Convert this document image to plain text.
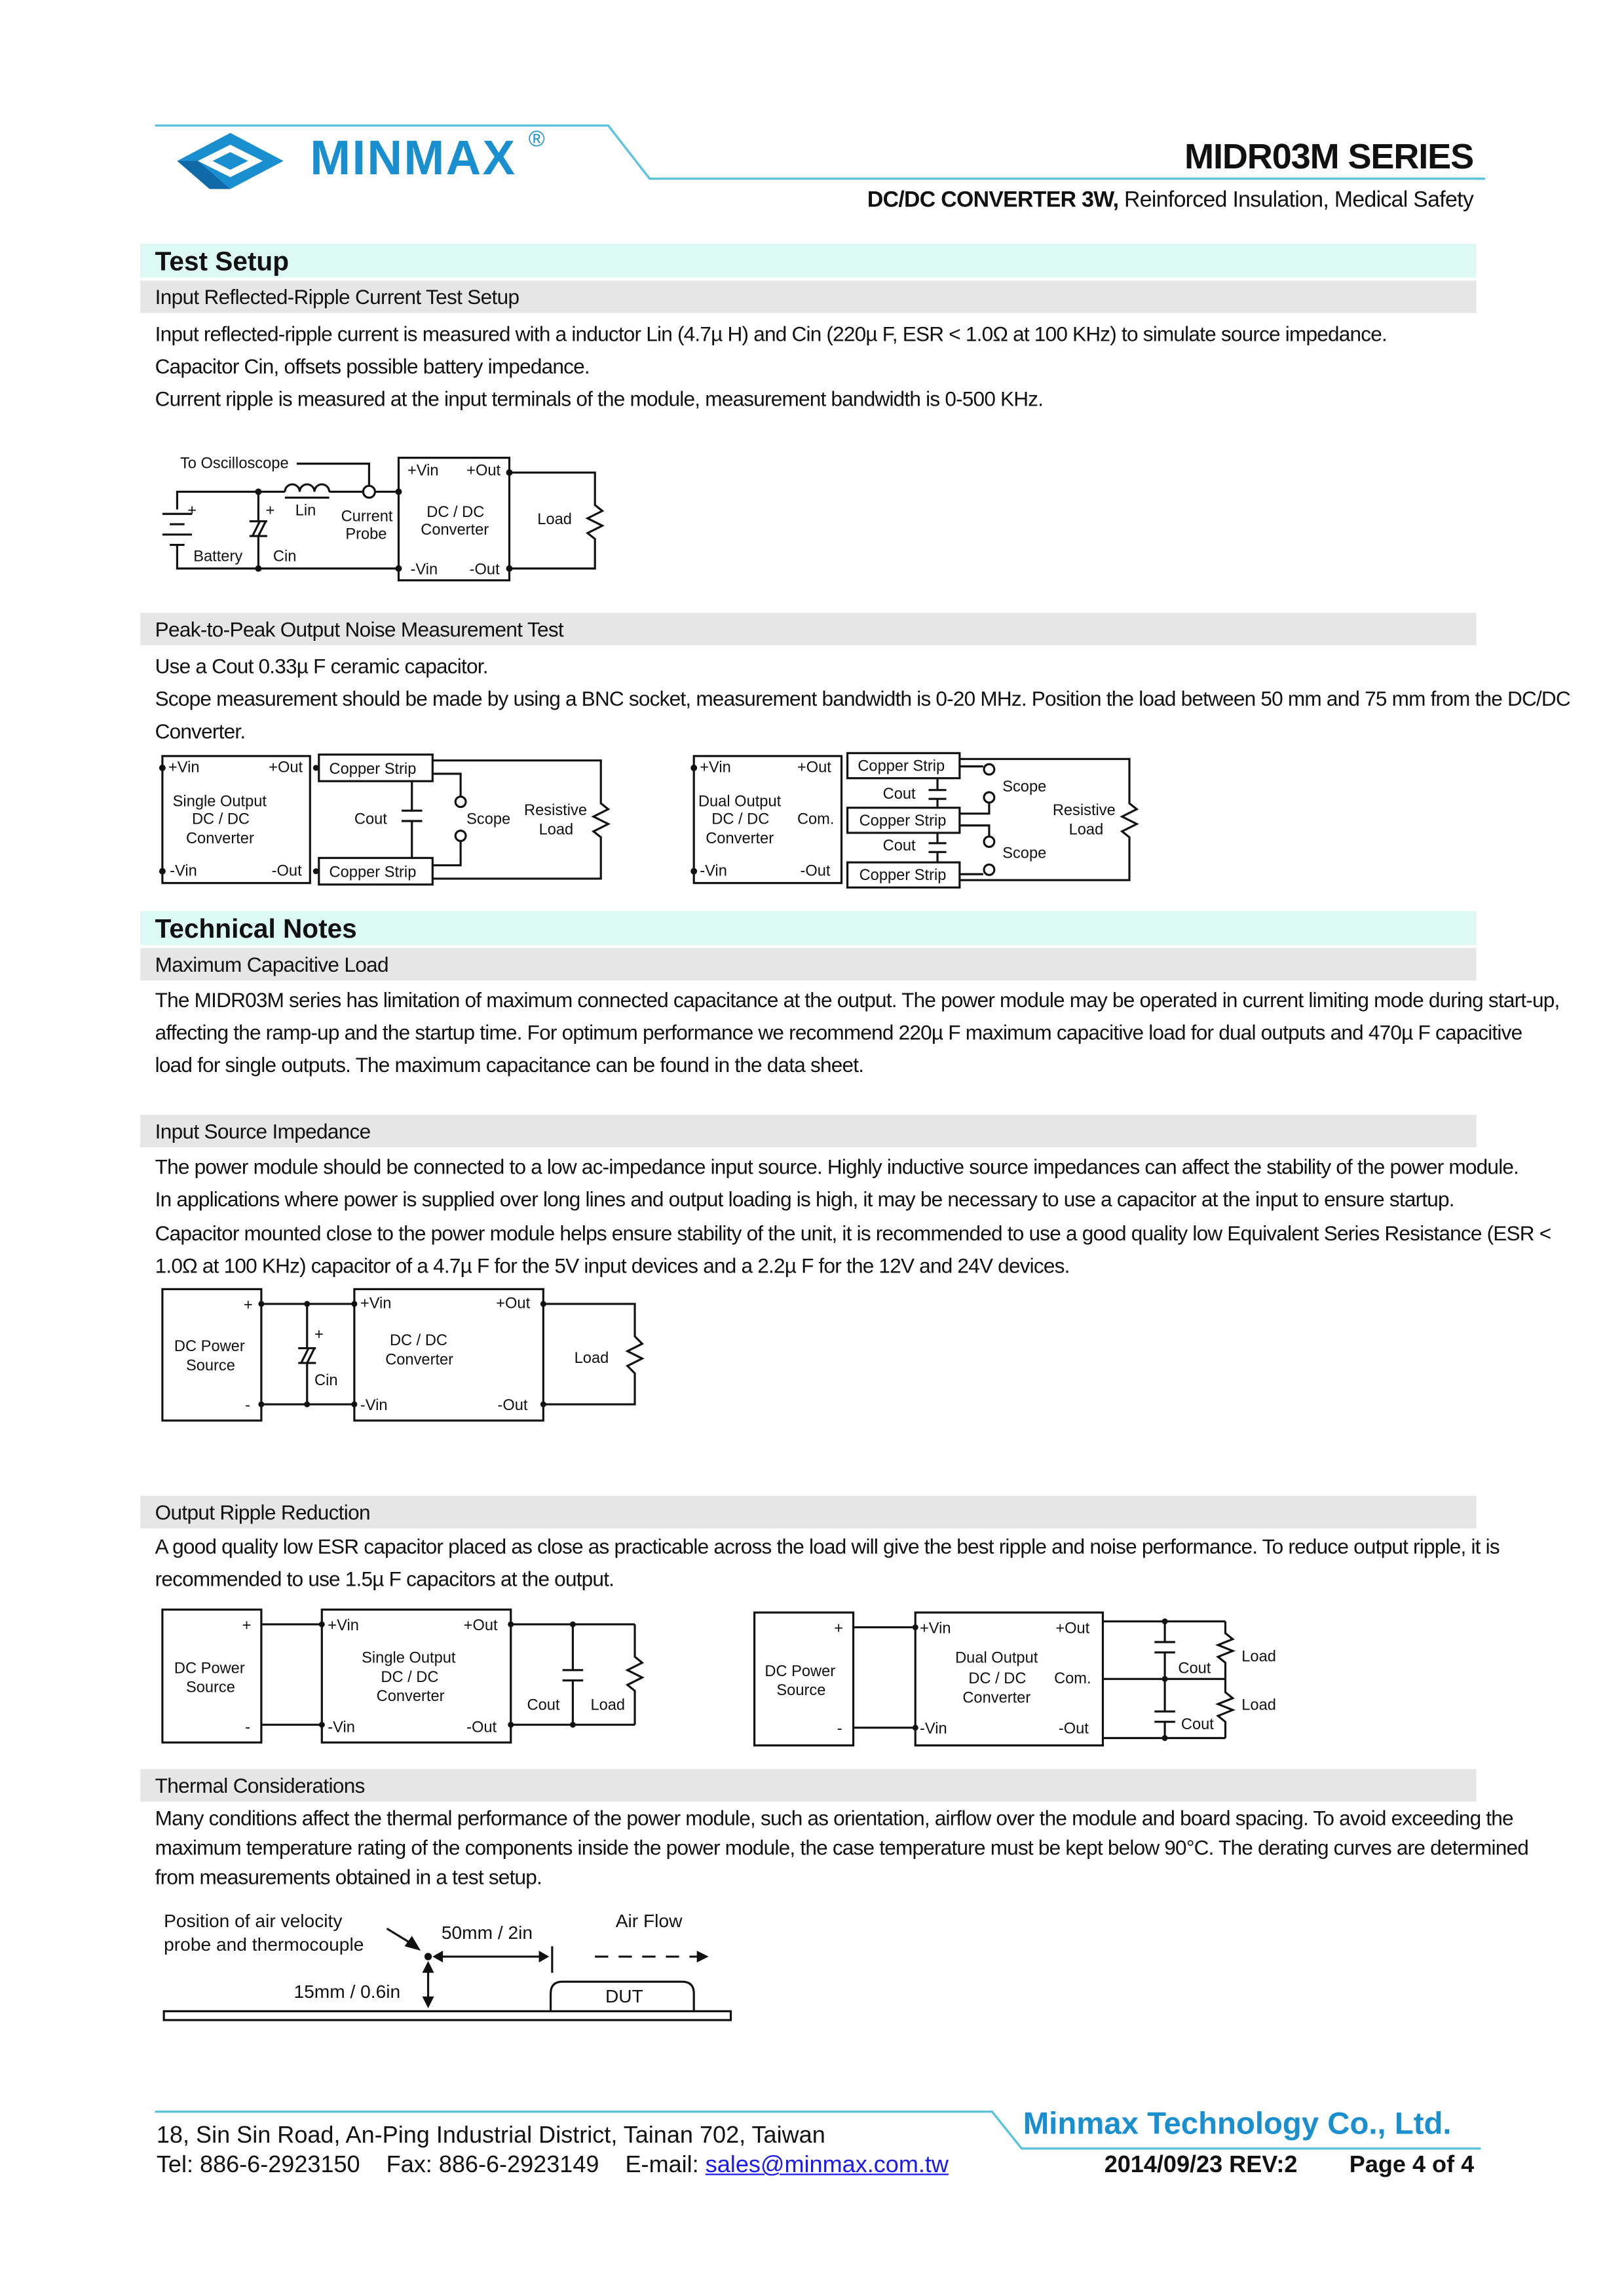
MINMAX ®	MIDR03M SERIES
DC/DC CONVERTER 3W, Reinforced Insulation, Medical Safety
Test Setup
Input Reflected-Ripple Current Test Setup
Input reflected-ripple current is measured with a inductor Lin (4.7µ H) and Cin (220µ F, ESR < 1.0Ω at 100 KHz) to simulate source impedance.
Capacitor Cin, offsets possible battery impedance.
Current ripple is measured at the input terminals of the module, measurement bandwidth is 0-500 KHz.
To Oscilloscope
+	+
Battery	Cin
Lin	Current
Probe
+Vin	+Out
DC / DC
Converter
-Vin	-Out
Load
Peak-to-Peak Output Noise Measurement Test
Use a Cout 0.33µ F ceramic capacitor.
Scope measurement should be made by using a BNC socket, measurement bandwidth is 0-20 MHz. Position the load between 50 mm and 75 mm from the DC/DC
Converter.
+Vin	+Out
Single Output
DC / DC
Converter
-Vin	-Out
Copper Strip
Copper Strip
Cout	Scope
Resistive
Load
+Vin	+Out
Dual Output
DC / DC
Converter
Com.
-Vin	-Out
Copper Strip
Copper Strip
Copper Strip
Cout
Cout
Scope
Scope
Resistive
Load
Technical Notes
Maximum Capacitive Load
The MIDR03M series has limitation of maximum connected capacitance at the output. The power module may be operated in current limiting mode during start-up,
affecting the ramp-up and the startup time. For optimum performance we recommend 220µ F maximum capacitive load for dual outputs and 470µ F capacitive
load for single outputs. The maximum capacitance can be found in the data sheet.
Input Source Impedance
The power module should be connected to a low ac-impedance input source. Highly inductive source impedances can affect the stability of the power module.
In applications where power is supplied over long lines and output loading is high, it may be necessary to use a capacitor at the input to ensure startup.
Capacitor mounted close to the power module helps ensure stability of the unit, it is recommended to use a good quality low Equivalent Series Resistance (ESR <
1.0Ω at 100 KHz) capacitor of a 4.7µ F for the 5V input devices and a 2.2µ F for the 12V and 24V devices.
+
DC Power
Source
-
+
Cin
+Vin	+Out
DC / DC
Converter
-Vin	-Out
Load
Output Ripple Reduction
A good quality low ESR capacitor placed as close as practicable across the load will give the best ripple and noise performance. To reduce output ripple, it is
recommended to use 1.5µ F capacitors at the output.
+
DC Power
Source
-
+Vin	+Out
Single Output
DC / DC
Converter
-Vin	-Out
Cout	Load
+
DC Power
Source
-
+Vin	+Out
Dual Output
DC / DC
Converter
Com.
-Vin	-Out
Cout
Cout
Load
Load
Thermal Considerations
Many conditions affect the thermal performance of the power module, such as orientation, airflow over the module and board spacing. To avoid exceeding the
maximum temperature rating of the components inside the power module, the case temperature must be kept below 90°C. The derating curves are determined
from measurements obtained in a test setup.
Position of air velocity
probe and thermocouple
50mm / 2in
Air Flow
15mm / 0.6in	DUT
Minmax Technology Co., Ltd.
18, Sin Sin Road, An-Ping Industrial District, Tainan 702, Taiwan
Tel: 886-6-2923150    Fax: 886-6-2923149    E-mail: sales@minmax.com.tw	2014/09/23 REV:2	Page 4 of 4
